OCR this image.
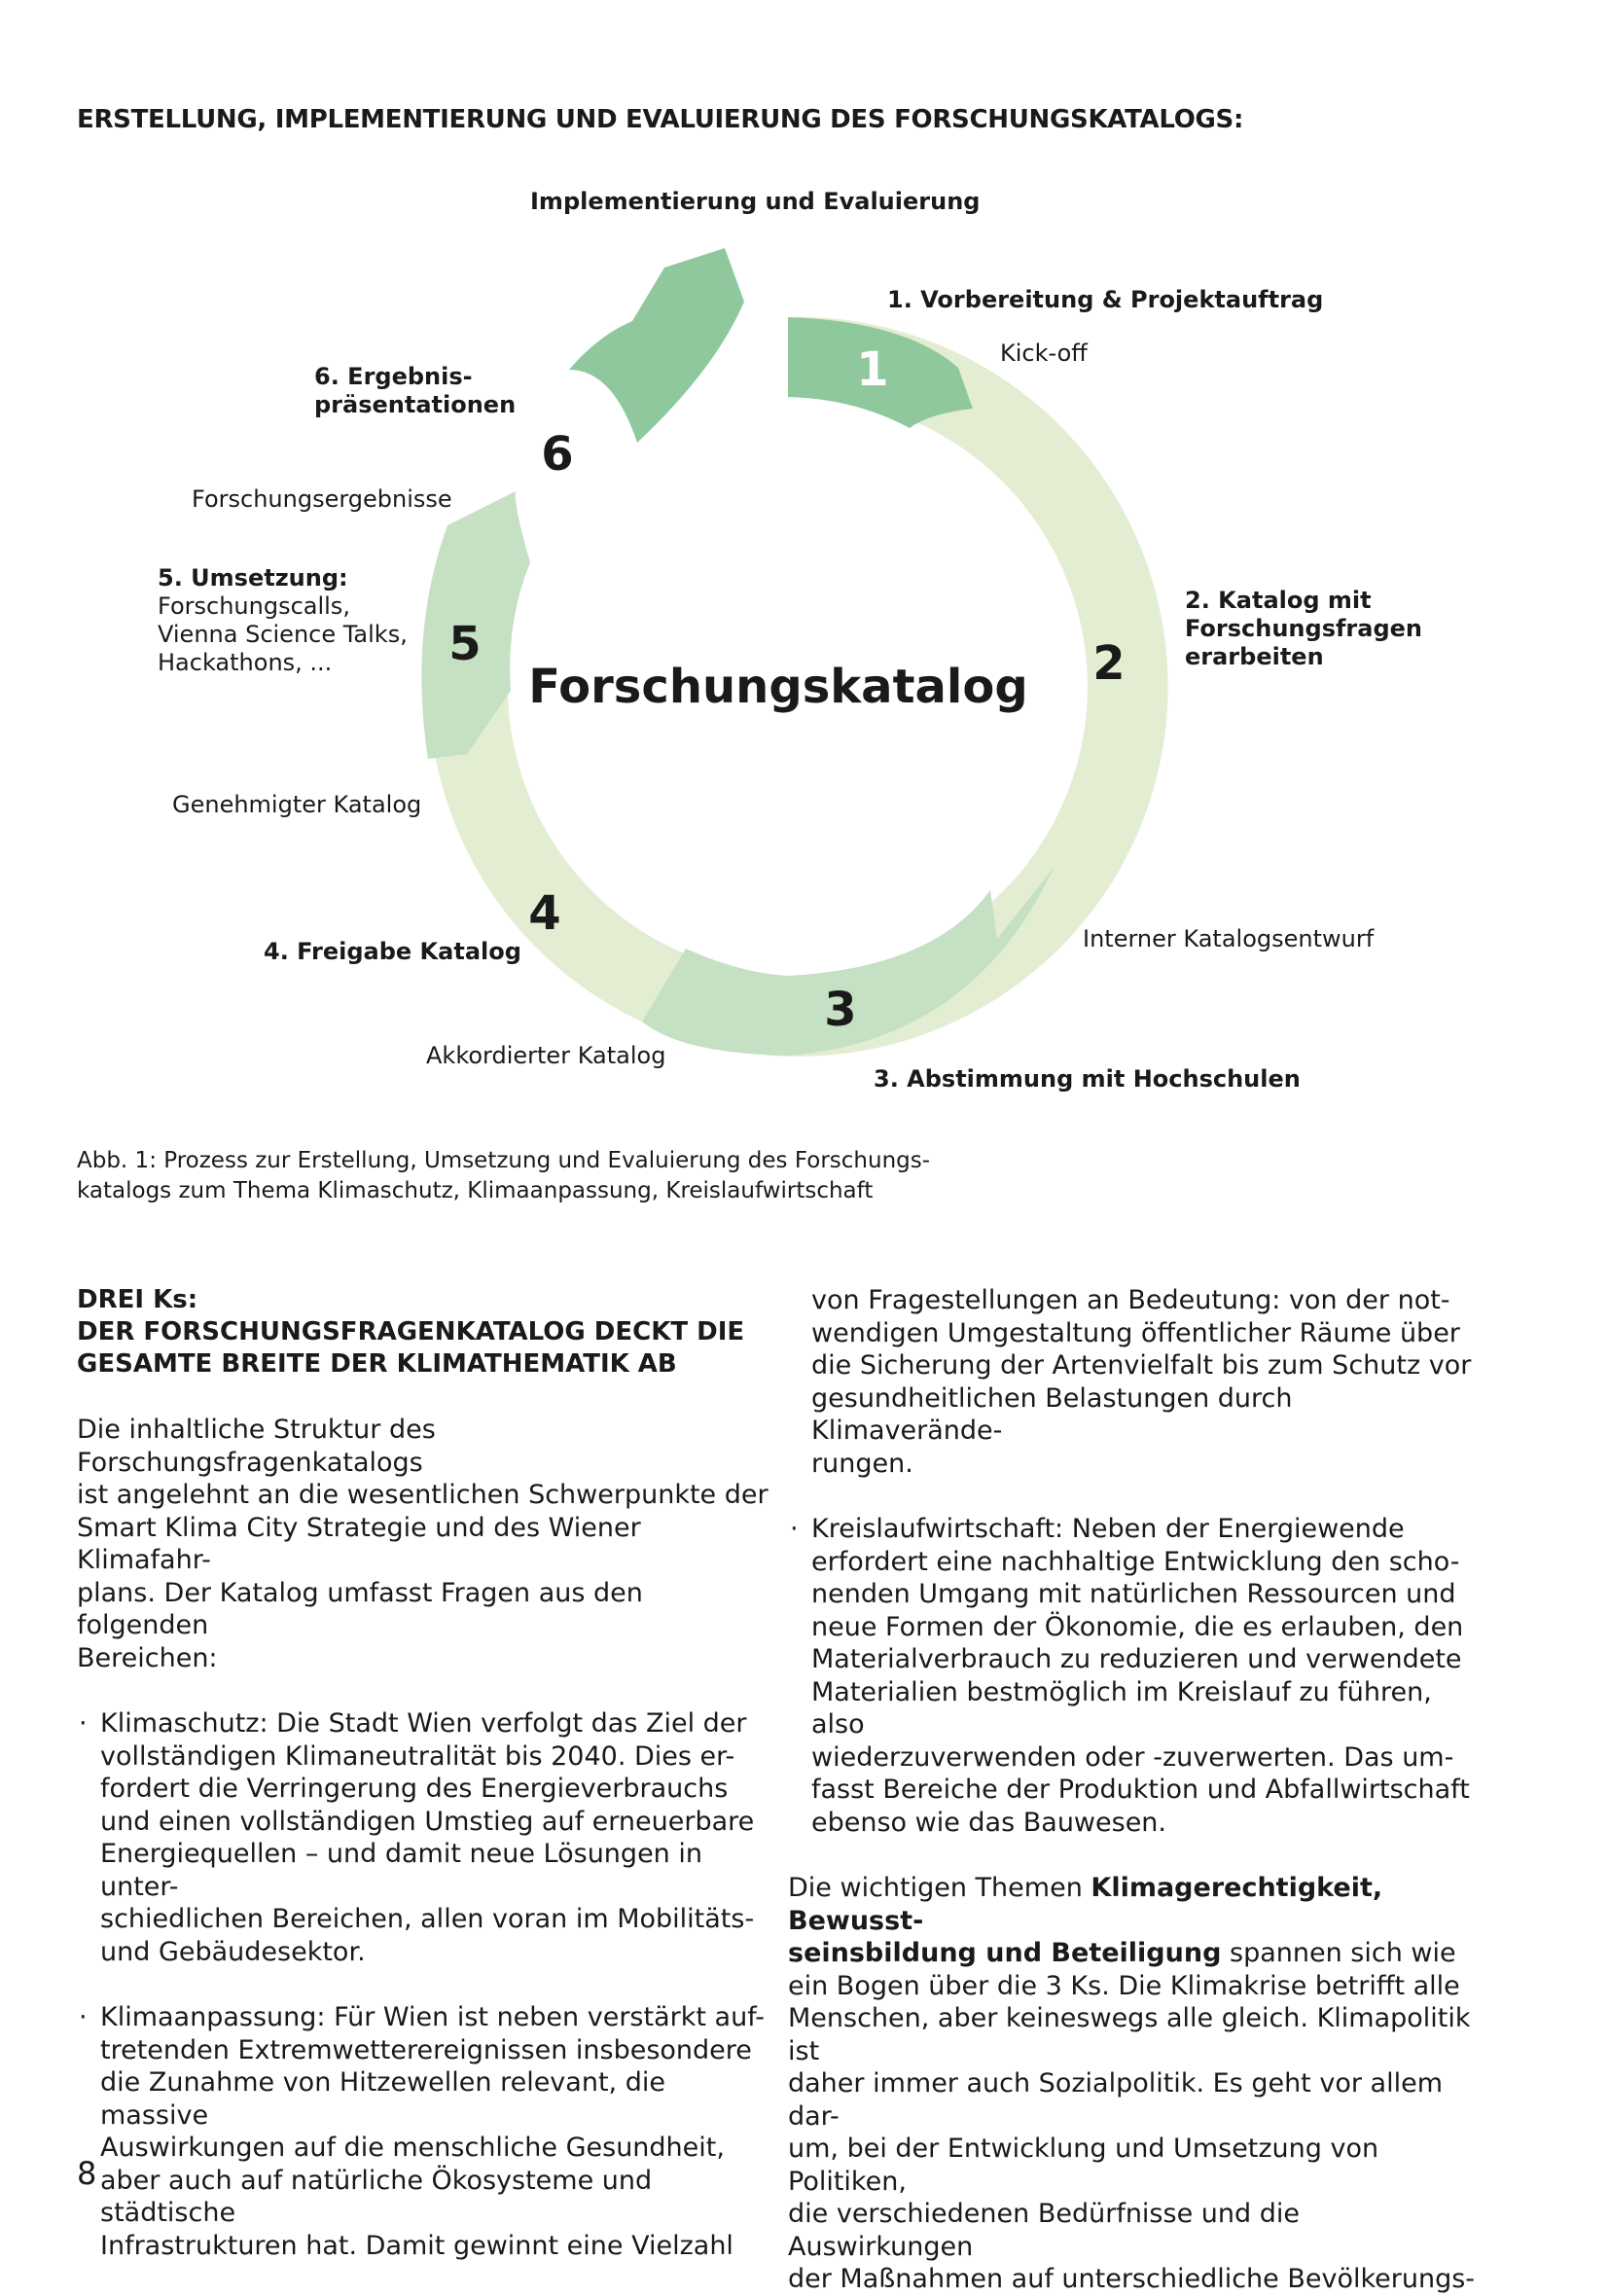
ERSTELLUNG, IMPLEMENTIERUNG UND EVALUIERUNG DES FORSCHUNGSKATALOGS:
1
2
3
4
5
6
Forschungskatalog
Implementierung und Evaluierung
1. Vorbereitung & Projektauftrag
Kick-off
2. Katalog mit
Forschungsfragen
erarbeiten
Interner Katalogsentwurf
3. Abstimmung mit Hochschulen
Akkordierter Katalog
4. Freigabe Katalog
Genehmigter Katalog
5. Umsetzung:
Forschungscalls,
Vienna Science Talks,
Hackathons, ...
Forschungsergebnisse
6. Ergebnis-
präsentationen
Abb. 1: Prozess zur Erstellung, Umsetzung und Evaluierung des Forschungs-
katalogs zum Thema Klimaschutz, Klimaanpassung, Kreislaufwirtschaft
DREI Ks:
DER FORSCHUNGSFRAGENKATALOG DECKT DIE
GESAMTE BREITE DER KLIMATHEMATIK AB
Die inhaltliche Struktur des Forschungsfragenkatalogs
ist angelehnt an die wesentlichen Schwerpunkte der
Smart Klima City Strategie und des Wiener Klimafahr-
plans. Der Katalog umfasst Fragen aus den folgenden
Bereichen:
· Klimaschutz: Die Stadt Wien verfolgt das Ziel der
vollständigen Klimaneutralität bis 2040. Dies er-
fordert die Verringerung des Energieverbrauchs
und einen vollständigen Umstieg auf erneuerbare
Energiequellen – und damit neue Lösungen in unter-
schiedlichen Bereichen, allen voran im Mobilitäts-
und Gebäudesektor.
· Klimaanpassung: Für Wien ist neben verstärkt auf-
tretenden Extremwetterereignissen insbesondere
die Zunahme von Hitzewellen relevant, die massive
Auswirkungen auf die menschliche Gesundheit,
aber auch auf natürliche Ökosysteme und städtische
Infrastrukturen hat. Damit gewinnt eine Vielzahl
von Fragestellungen an Bedeutung: von der not-
wendigen Umgestaltung öffentlicher Räume über
die Sicherung der Artenvielfalt bis zum Schutz vor
gesundheitlichen Belastungen durch Klimaverände-
rungen.
· Kreislaufwirtschaft: Neben der Energiewende
erfordert eine nachhaltige Entwicklung den scho-
nenden Umgang mit natürlichen Ressourcen und
neue Formen der Ökonomie, die es erlauben, den
Materialverbrauch zu reduzieren und verwendete
Materialien bestmöglich im Kreislauf zu führen, also
wiederzuverwenden oder -zuverwerten. Das um-
fasst Bereiche der Produktion und Abfallwirtschaft
ebenso wie das Bauwesen.
Die wichtigen Themen Klimagerechtigkeit, Bewusst-
seinsbildung und Beteiligung spannen sich wie
ein Bogen über die 3 Ks. Die Klimakrise betrifft alle
Menschen, aber keineswegs alle gleich. Klimapolitik ist
daher immer auch Sozialpolitik. Es geht vor allem dar-
um, bei der Entwicklung und Umsetzung von Politiken,
die verschiedenen Bedürfnisse und die Auswirkungen
der Maßnahmen auf unterschiedliche Bevölkerungs-
8
